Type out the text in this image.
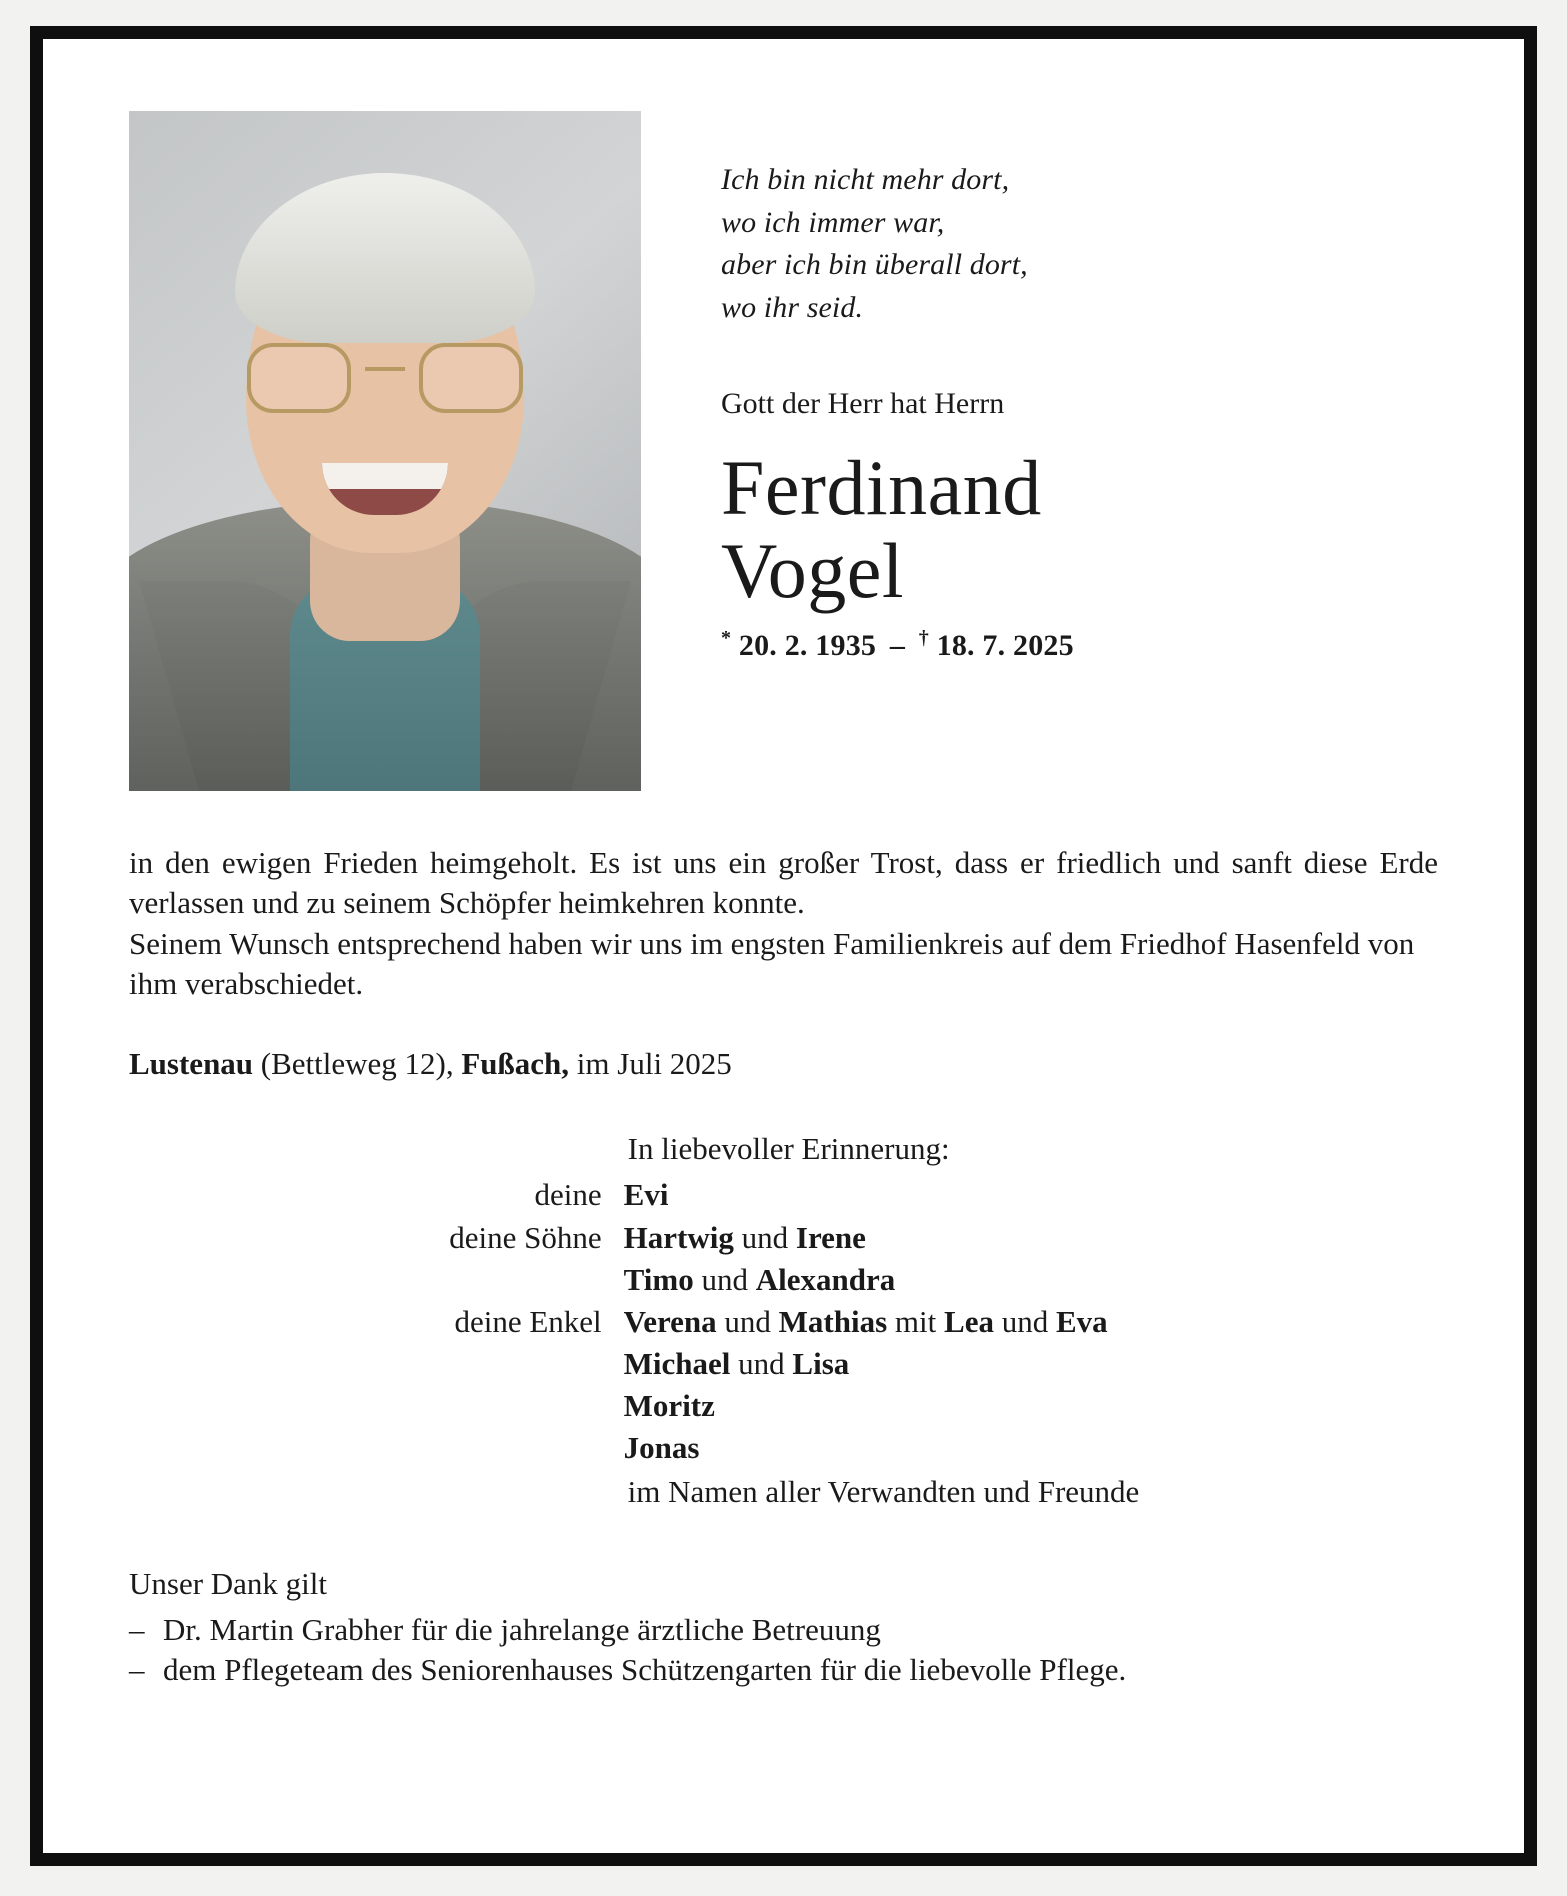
Ich bin nicht mehr dort,
wo ich immer war,
aber ich bin überall dort,
wo ihr seid.
Gott der Herr hat Herrn
Ferdinand
Vogel
* 20. 2. 1935 – † 18. 7. 2025

in den ewigen Frieden heimgeholt. Es ist uns ein großer Trost, dass er friedlich und sanft diese Erde verlassen und zu seinem Schöpfer heimkehren konnte.

Seinem Wunsch entsprechend haben wir uns im engsten Familienkreis auf dem Friedhof Hasenfeld von ihm verabschiedet.

Lustenau (Bettleweg 12), Fußach, im Juli 2025
In liebevoller Erinnerung:
deine Evi
deine Söhne Hartwig und Irene
Timo und Alexandra
deine Enkel Verena und Mathias mit Lea und Eva
Michael und Lisa
Moritz
Jonas
im Namen aller Verwandten und Freunde
Unser Dank gilt
– Dr. Martin Grabher für die jahrelange ärztliche Betreuung
– dem Pflegeteam des Seniorenhauses Schützengarten für die liebevolle Pflege.
